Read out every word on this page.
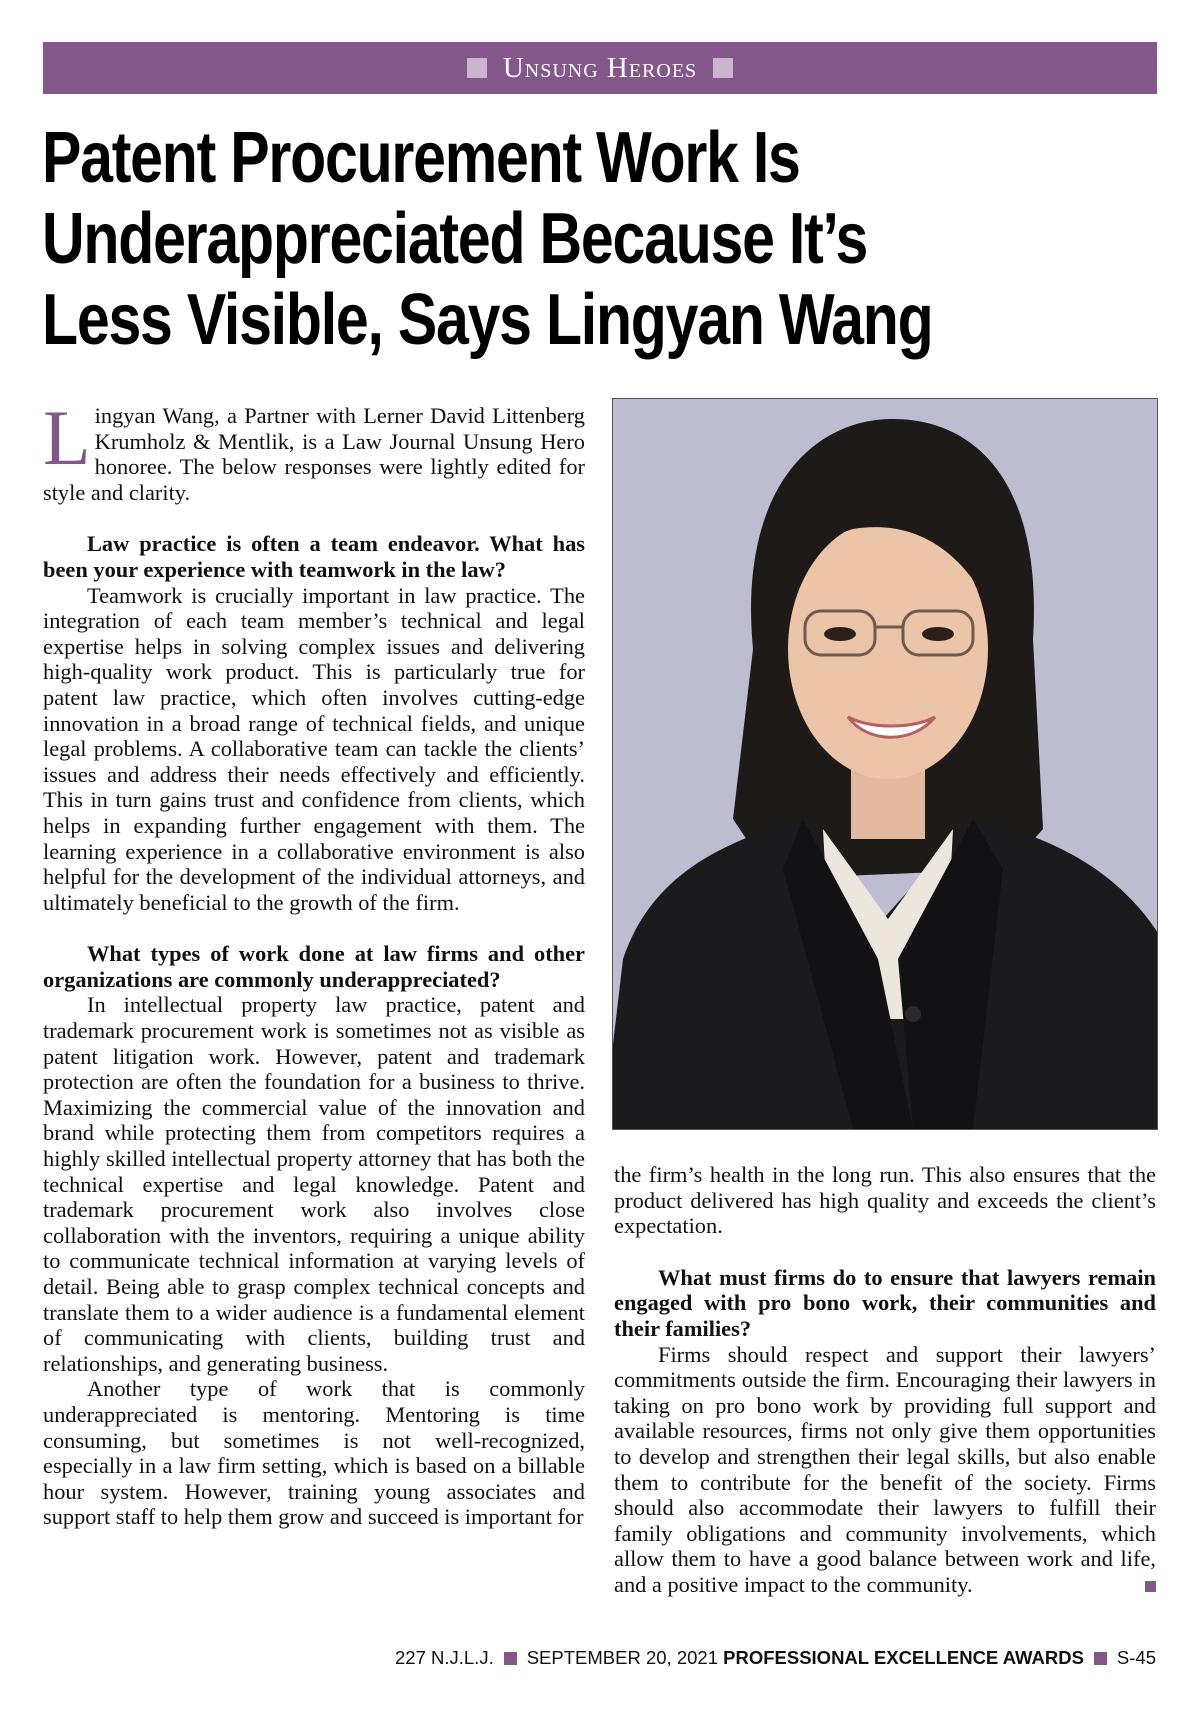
Unsung Heroes
Patent Procurement Work Is Underappreciated Because It’s Less Visible, Says Lingyan Wang

Lingyan Wang, a Partner with Lerner David Littenberg Krumholz & Mentlik, is a Law Journal Unsung Hero honoree. The below responses were lightly edited for style and clarity.

Law practice is often a team endeavor. What has been your experience with teamwork in the law?

Teamwork is crucially important in law practice. The integration of each team member’s technical and legal expertise helps in solving complex issues and delivering high-quality work product. This is particularly true for patent law practice, which often involves cutting-edge innovation in a broad range of technical fields, and unique legal problems. A collaborative team can tackle the clients’ issues and address their needs effectively and efficiently. This in turn gains trust and confidence from clients, which helps in expanding further engagement with them. The learning experience in a collaborative environment is also helpful for the development of the individual attorneys, and ultimately beneficial to the growth of the firm.

What types of work done at law firms and other organizations are commonly underappreciated?

In intellectual property law practice, patent and trademark procurement work is sometimes not as visible as patent litigation work. However, patent and trademark protection are often the foundation for a business to thrive. Maximizing the commercial value of the innovation and brand while protecting them from competitors requires a highly skilled intellectual property attorney that has both the technical expertise and legal knowledge. Patent and trademark procurement work also involves close collaboration with the inventors, requiring a unique ability to communicate technical information at varying levels of detail. Being able to grasp complex technical concepts and translate them to a wider audience is a fundamental element of communicating with clients, building trust and relationships, and generating business.

Another type of work that is commonly underappreciated is mentoring. Mentoring is time consuming, but sometimes is not well-recognized, especially in a law firm setting, which is based on a billable hour system. However, training young associates and support staff to help them grow and succeed is important for

the firm’s health in the long run. This also ensures that the product delivered has high quality and exceeds the client’s expectation.

What must firms do to ensure that lawyers remain engaged with pro bono work, their communities and their families?

Firms should respect and support their lawyers’ commitments outside the firm. Encouraging their lawyers in taking on pro bono work by providing full support and available resources, firms not only give them opportunities to develop and strengthen their legal skills, but also enable them to contribute for the benefit of the society. Firms should also accommodate their lawyers to fulfill their family obligations and community involvements, which allow them to have a good balance between work and life, and a positive impact to the community.

227 N.J.L.J. SEPTEMBER 20, 2021 PROFESSIONAL EXCELLENCE AWARDS S-45
